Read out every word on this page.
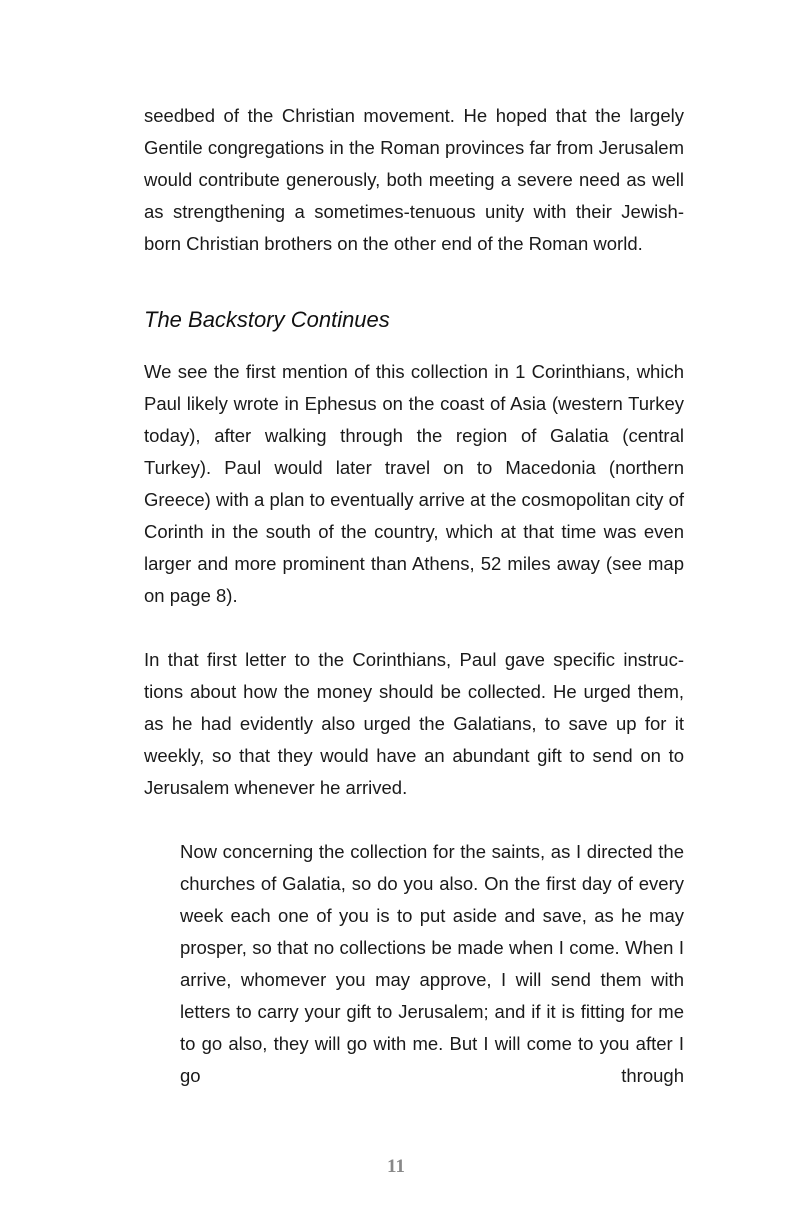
seedbed of the Christian movement. He hoped that the largely Gentile congregations in the Roman provinces far from Jerusalem would contribute generously, both meeting a severe need as well as strengthening a sometimes-tenuous unity with their Jewish-born Christian brothers on the other end of the Roman world.

The Backstory Continues

We see the first mention of this collection in 1 Corinthians, which Paul likely wrote in Ephesus on the coast of Asia (western Turkey today), after walking through the region of Galatia (central Turkey). Paul would later travel on to Macedonia (northern Greece) with a plan to eventually arrive at the cosmopolitan city of Corinth in the south of the country, which at that time was even larger and more prominent than Athens, 52 miles away (see map on page 8).

In that first letter to the Corinthians, Paul gave specific instructions about how the money should be collected. He urged them, as he had evidently also urged the Galatians, to save up for it weekly, so that they would have an abundant gift to send on to Jerusalem whenever he arrived.

Now concerning the collection for the saints, as I directed the churches of Galatia, so do you also. On the first day of every week each one of you is to put aside and save, as he may prosper, so that no collections be made when I come. When I arrive, whomever you may approve, I will send them with letters to carry your gift to Jerusalem; and if it is fitting for me to go also, they will go with me. But I will come to you after I go through

11
